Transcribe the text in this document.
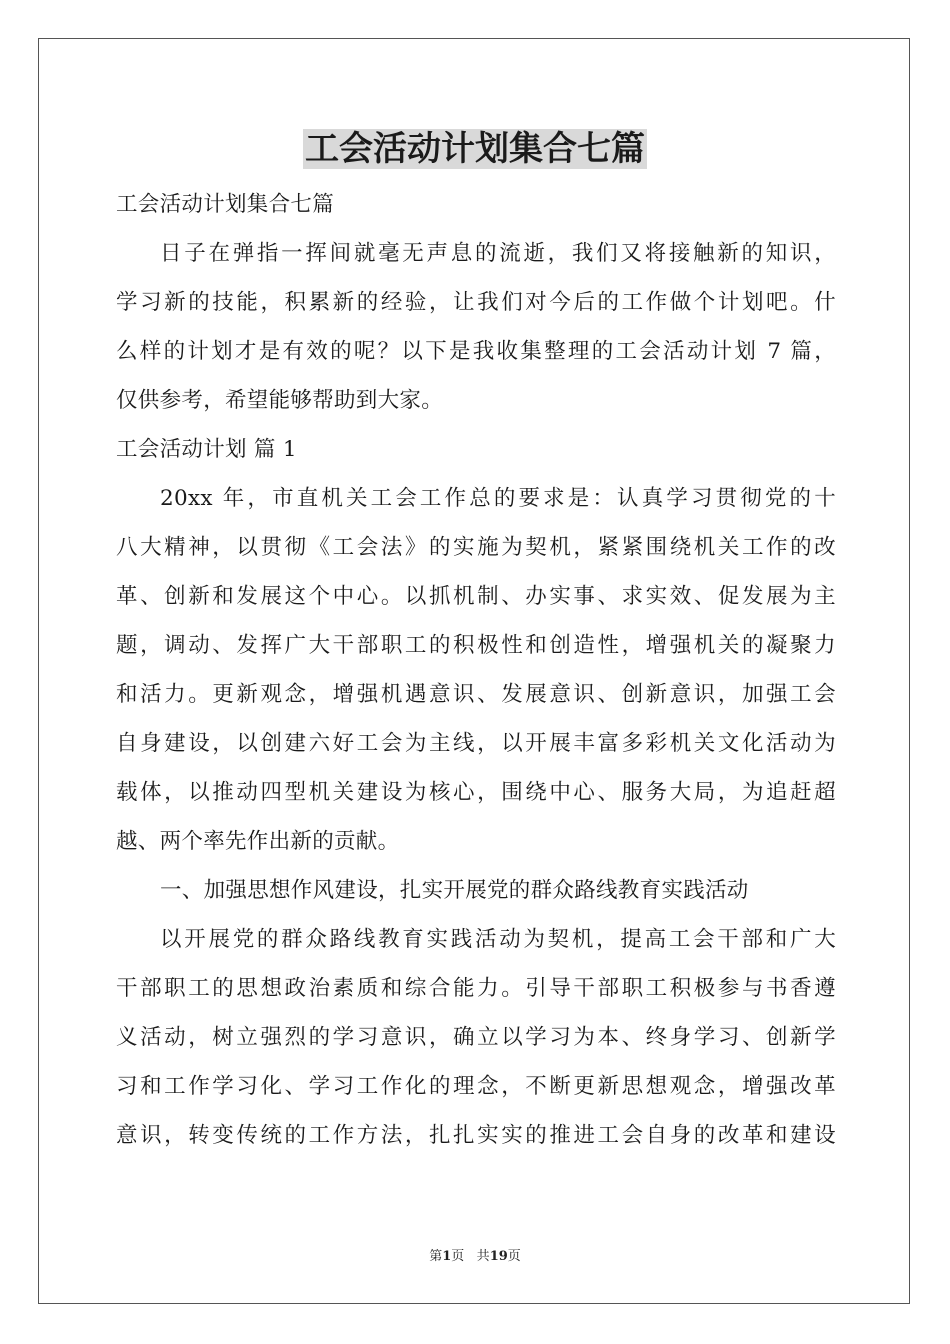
工会活动计划集合七篇
工会活动计划集合七篇
日子在弹指一挥间就毫无声息的流逝，我们又将接触新的知识，
学习新的技能，积累新的经验，让我们对今后的工作做个计划吧。什
么样的计划才是有效的呢？以下是我收集整理的工会活动计划 7 篇，
仅供参考，希望能够帮助到大家。
工会活动计划 篇 1
20xx 年，市直机关工会工作总的要求是：认真学习贯彻党的十
八大精神，以贯彻《工会法》的实施为契机，紧紧围绕机关工作的改
革、创新和发展这个中心。以抓机制、办实事、求实效、促发展为主
题，调动、发挥广大干部职工的积极性和创造性，增强机关的凝聚力
和活力。更新观念，增强机遇意识、发展意识、创新意识，加强工会
自身建设，以创建六好工会为主线，以开展丰富多彩机关文化活动为
载体，以推动四型机关建设为核心，围绕中心、服务大局，为追赶超
越、两个率先作出新的贡献。
一、加强思想作风建设，扎实开展党的群众路线教育实践活动
以开展党的群众路线教育实践活动为契机，提高工会干部和广大
干部职工的思想政治素质和综合能力。引导干部职工积极参与书香遵
义活动，树立强烈的学习意识，确立以学习为本、终身学习、创新学
习和工作学习化、学习工作化的理念，不断更新思想观念，增强改革
意识，转变传统的工作方法，扎扎实实的推进工会自身的改革和建设
第1页 共19页
